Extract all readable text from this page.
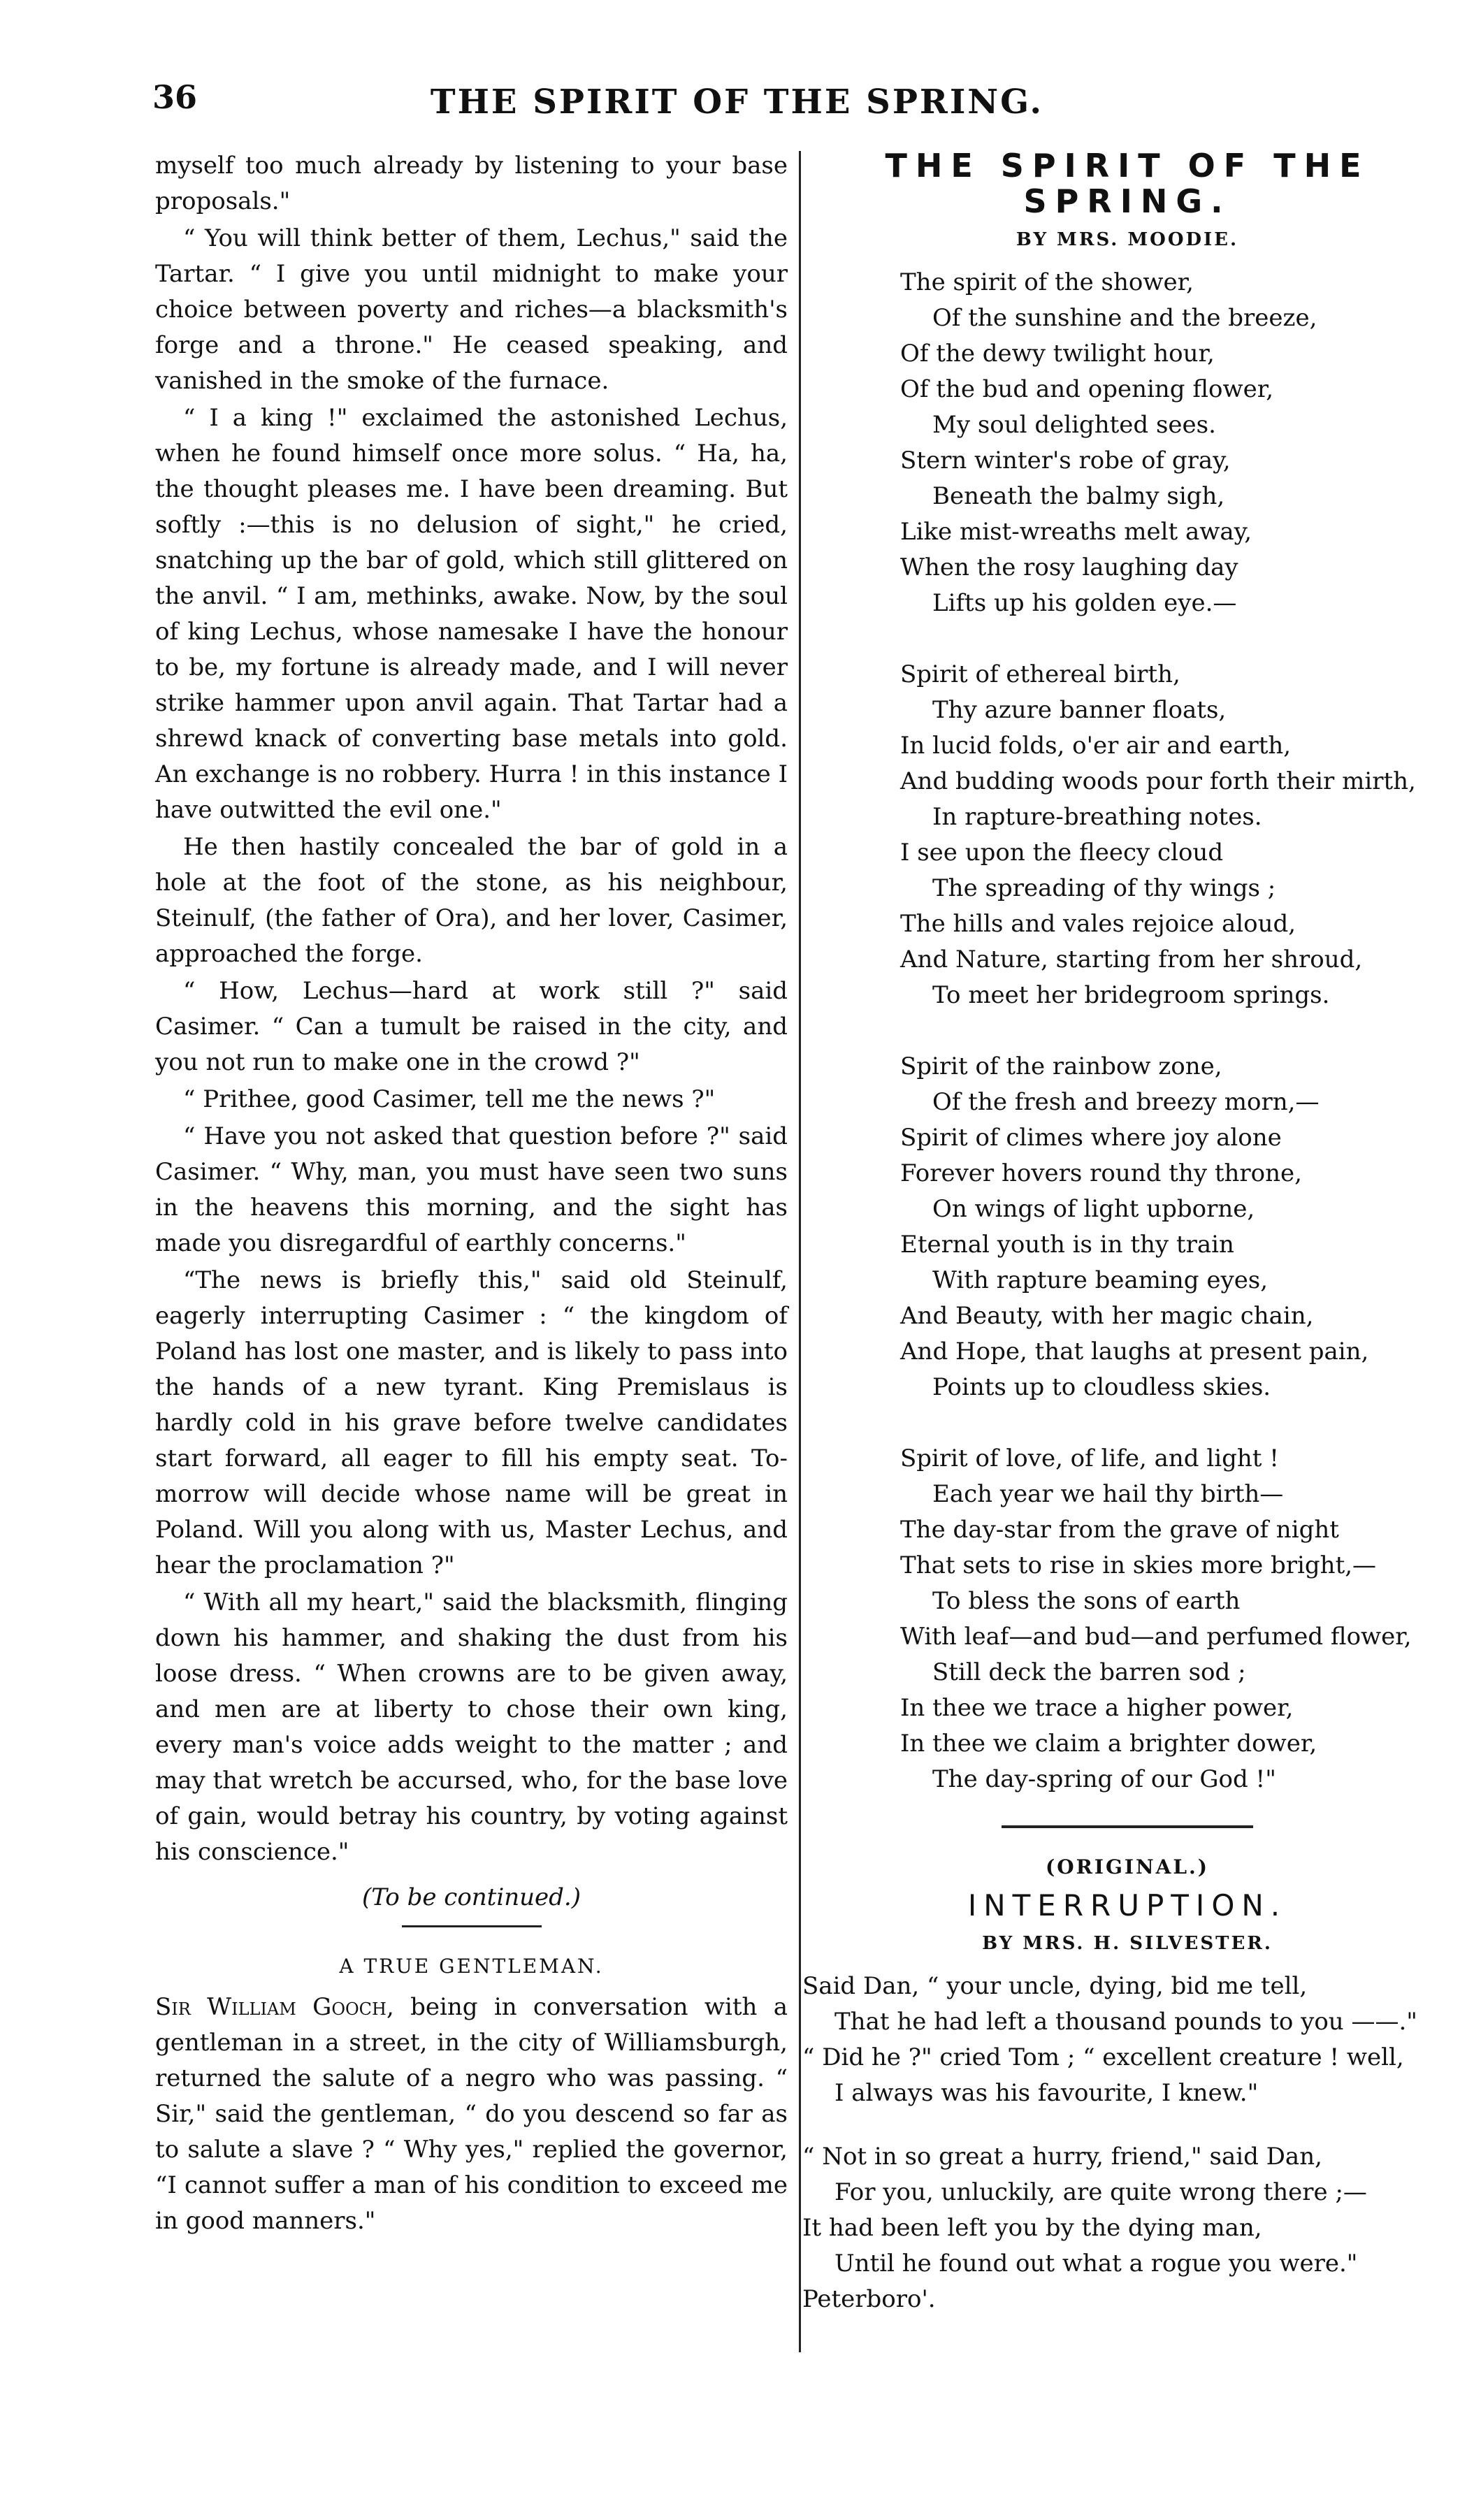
36	THE SPIRIT OF THE SPRING.

myself too much already by listening to your base proposals."

“ You will think better of them, Lechus," said the Tartar. “ I give you until midnight to make your choice between poverty and riches—a blacksmith's forge and a throne." He ceased speaking, and vanished in the smoke of the furnace.

“ I a king !" exclaimed the astonished Lechus, when he found himself once more solus. “ Ha, ha, the thought pleases me. I have been dreaming. But softly :—this is no delusion of sight," he cried, snatching up the bar of gold, which still glittered on the anvil. “ I am, methinks, awake. Now, by the soul of king Lechus, whose namesake I have the honour to be, my fortune is already made, and I will never strike hammer upon anvil again. That Tartar had a shrewd knack of converting base metals into gold. An exchange is no robbery. Hurra ! in this instance I have outwitted the evil one."

He then hastily concealed the bar of gold in a hole at the foot of the stone, as his neighbour, Steinulf, (the father of Ora), and her lover, Casimer, approached the forge.

“ How, Lechus—hard at work still ?" said Casimer. “ Can a tumult be raised in the city, and you not run to make one in the crowd ?"

“ Prithee, good Casimer, tell me the news ?"

“ Have you not asked that question before ?" said Casimer. “ Why, man, you must have seen two suns in the heavens this morning, and the sight has made you disregardful of earthly concerns."

“The news is briefly this," said old Steinulf, eagerly interrupting Casimer : “ the kingdom of Poland has lost one master, and is likely to pass into the hands of a new tyrant. King Premislaus is hardly cold in his grave before twelve candidates start forward, all eager to fill his empty seat. To-morrow will decide whose name will be great in Poland. Will you along with us, Master Lechus, and hear the proclamation ?"

“ With all my heart," said the blacksmith, flinging down his hammer, and shaking the dust from his loose dress. “ When crowns are to be given away, and men are at liberty to chose their own king, every man's voice adds weight to the matter ; and may that wretch be accursed, who, for the base love of gain, would betray his country, by voting against his conscience."

(To be continued.)
A TRUE GENTLEMAN.

Sir William Gooch, being in conversation with a gentleman in a street, in the city of Williamsburgh, returned the salute of a negro who was passing. “ Sir," said the gentleman, “ do you descend so far as to salute a slave ? “ Why yes," replied the governor, “I cannot suffer a man of his condition to exceed me in good manners."

THE SPIRIT OF THE SPRING.
BY MRS. MOODIE.
The spirit of the shower,
Of the sunshine and the breeze,
Of the dewy twilight hour,
Of the bud and opening flower,
My soul delighted sees.
Stern winter's robe of gray,
Beneath the balmy sigh,
Like mist-wreaths melt away,
When the rosy laughing day
Lifts up his golden eye.—
Spirit of ethereal birth,
Thy azure banner floats,
In lucid folds, o'er air and earth,
And budding woods pour forth their mirth,
In rapture-breathing notes.
I see upon the fleecy cloud
The spreading of thy wings ;
The hills and vales rejoice aloud,
And Nature, starting from her shroud,
To meet her bridegroom springs.
Spirit of the rainbow zone,
Of the fresh and breezy morn,—
Spirit of climes where joy alone
Forever hovers round thy throne,
On wings of light upborne,
Eternal youth is in thy train
With rapture beaming eyes,
And Beauty, with her magic chain,
And Hope, that laughs at present pain,
Points up to cloudless skies.
Spirit of love, of life, and light !
Each year we hail thy birth—
The day-star from the grave of night
That sets to rise in skies more bright,—
To bless the sons of earth
With leaf—and bud—and perfumed flower,
Still deck the barren sod ;
In thee we trace a higher power,
In thee we claim a brighter dower,
The day-spring of our God !"
(ORIGINAL.)
INTERRUPTION.
BY MRS. H. SILVESTER.
Said Dan, “ your uncle, dying, bid me tell,
That he had left a thousand pounds to you ——."
“ Did he ?" cried Tom ; “ excellent creature ! well,
I always was his favourite, I knew."
“ Not in so great a hurry, friend," said Dan,
For you, unluckily, are quite wrong there ;—
It had been left you by the dying man,
Until he found out what a rogue you were."
Peterboro'.
